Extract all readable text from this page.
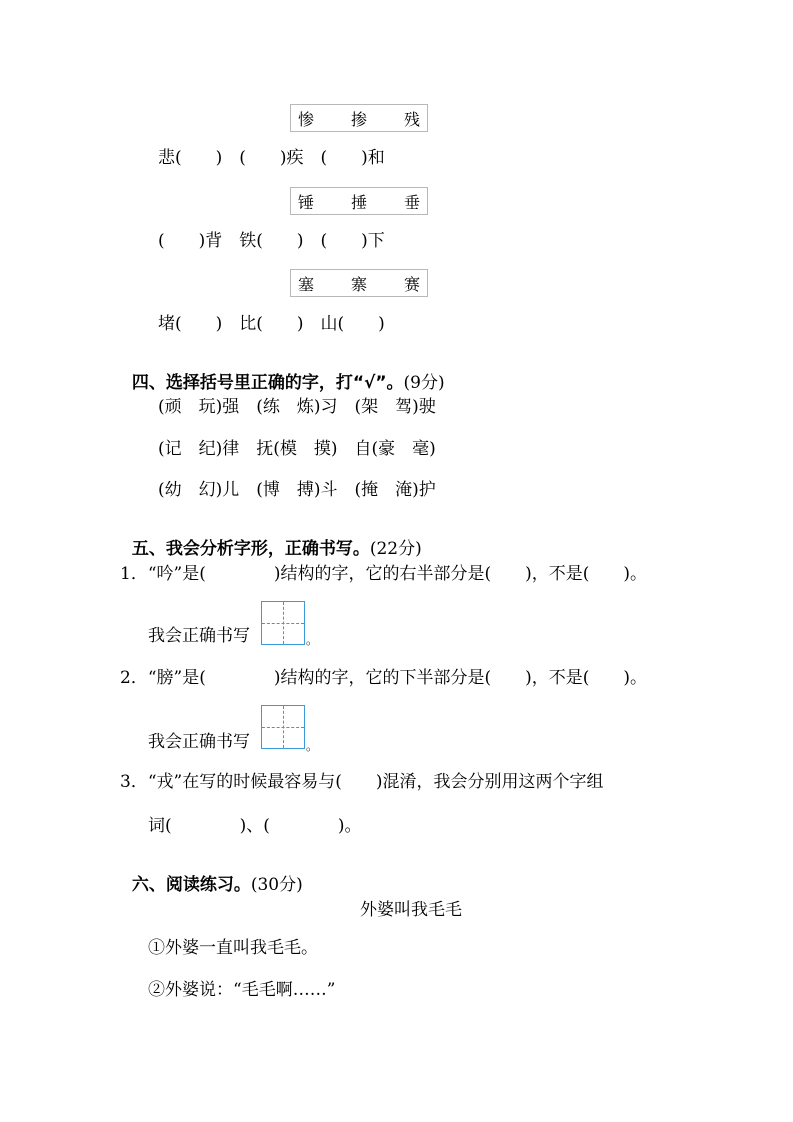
惨 掺 残
悲(　　)　(　　)疾　(　　)和
锤 捶 垂
(　　)背　铁(　　)　(　　)下
塞 寨 赛
堵(　　)　比(　　)　山(　　)

四、选择括号里正确的字，打“√”。(9分)

(顽　玩)强　(练　炼)习　(架　驾)驶
(记　纪)律　抚(模　摸)　自(豪　毫)
(幼　幻)儿　(博　搏)斗　(掩　淹)护

五、我会分析字形，正确书写。(22分)

1．“吟”是(　　　　)结构的字，它的右半部分是(　　)，不是(　　)。
我会正确书写	。
2．“膀”是(　　　　)结构的字，它的下半部分是(　　)，不是(　　)。
我会正确书写	。
3．“戎”在写的时候最容易与(　　)混淆，我会分别用这两个字组
词(　　　　)、(　　　　)。

六、阅读练习。(30分)

外婆叫我毛毛
①外婆一直叫我毛毛。
②外婆说：“毛毛啊……”
